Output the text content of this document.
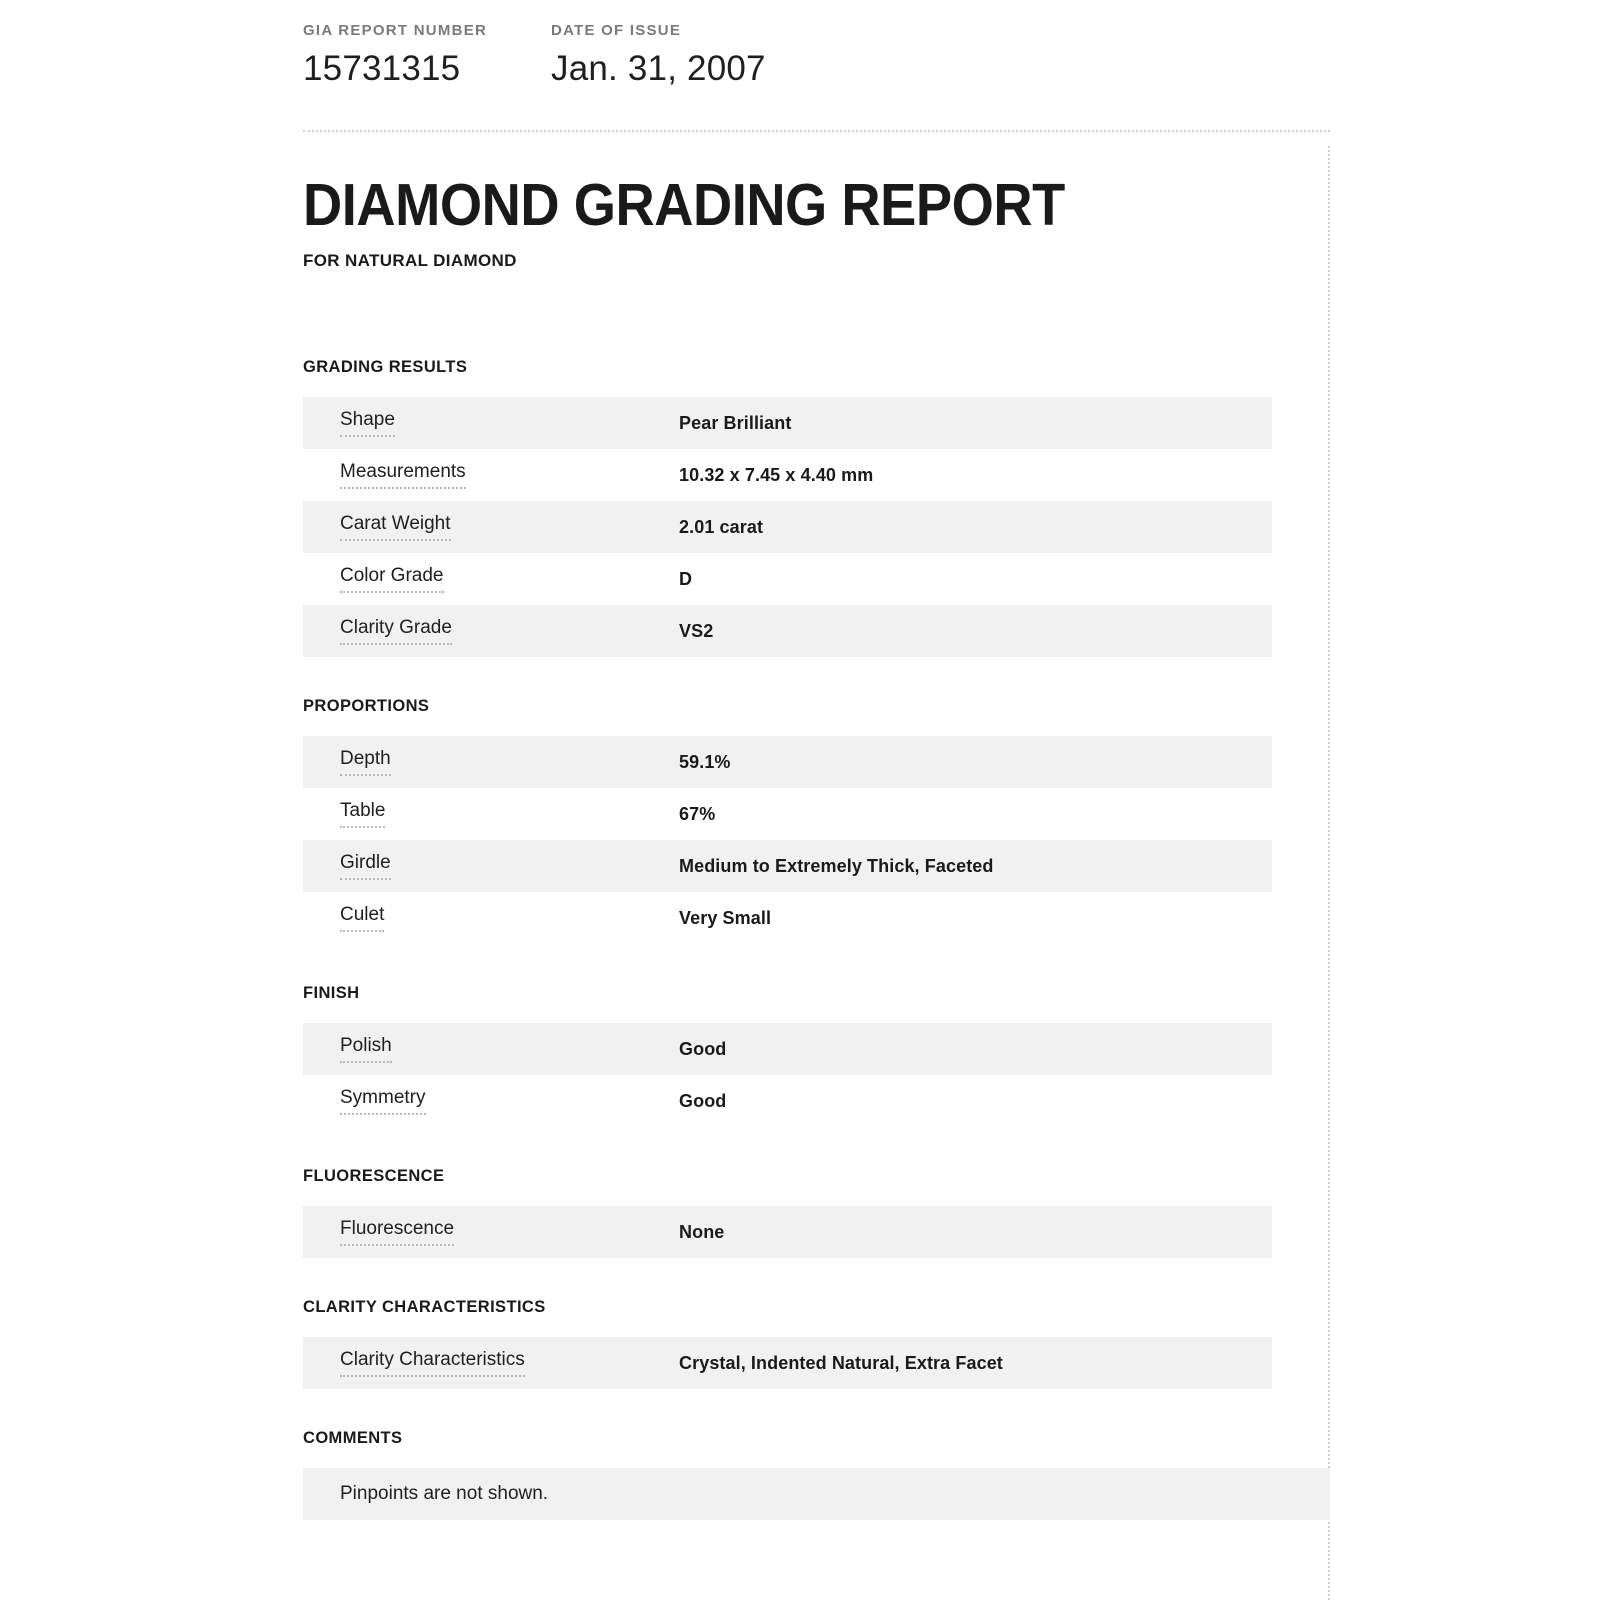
GIA REPORT NUMBER
15731315
DATE OF ISSUE
Jan. 31, 2007
DIAMOND GRADING REPORT

FOR NATURAL DIAMOND

GRADING RESULTS
Shape	Pear Brilliant
Measurements	10.32 x 7.45 x 4.40 mm
Carat Weight	2.01 carat
Color Grade	D
Clarity Grade	VS2
PROPORTIONS
Depth	59.1%
Table	67%
Girdle	Medium to Extremely Thick, Faceted
Culet	Very Small
FINISH
Polish	Good
Symmetry	Good
FLUORESCENCE
Fluorescence	None
CLARITY CHARACTERISTICS
Clarity Characteristics	Crystal, Indented Natural, Extra Facet
COMMENTS
Pinpoints are not shown.
